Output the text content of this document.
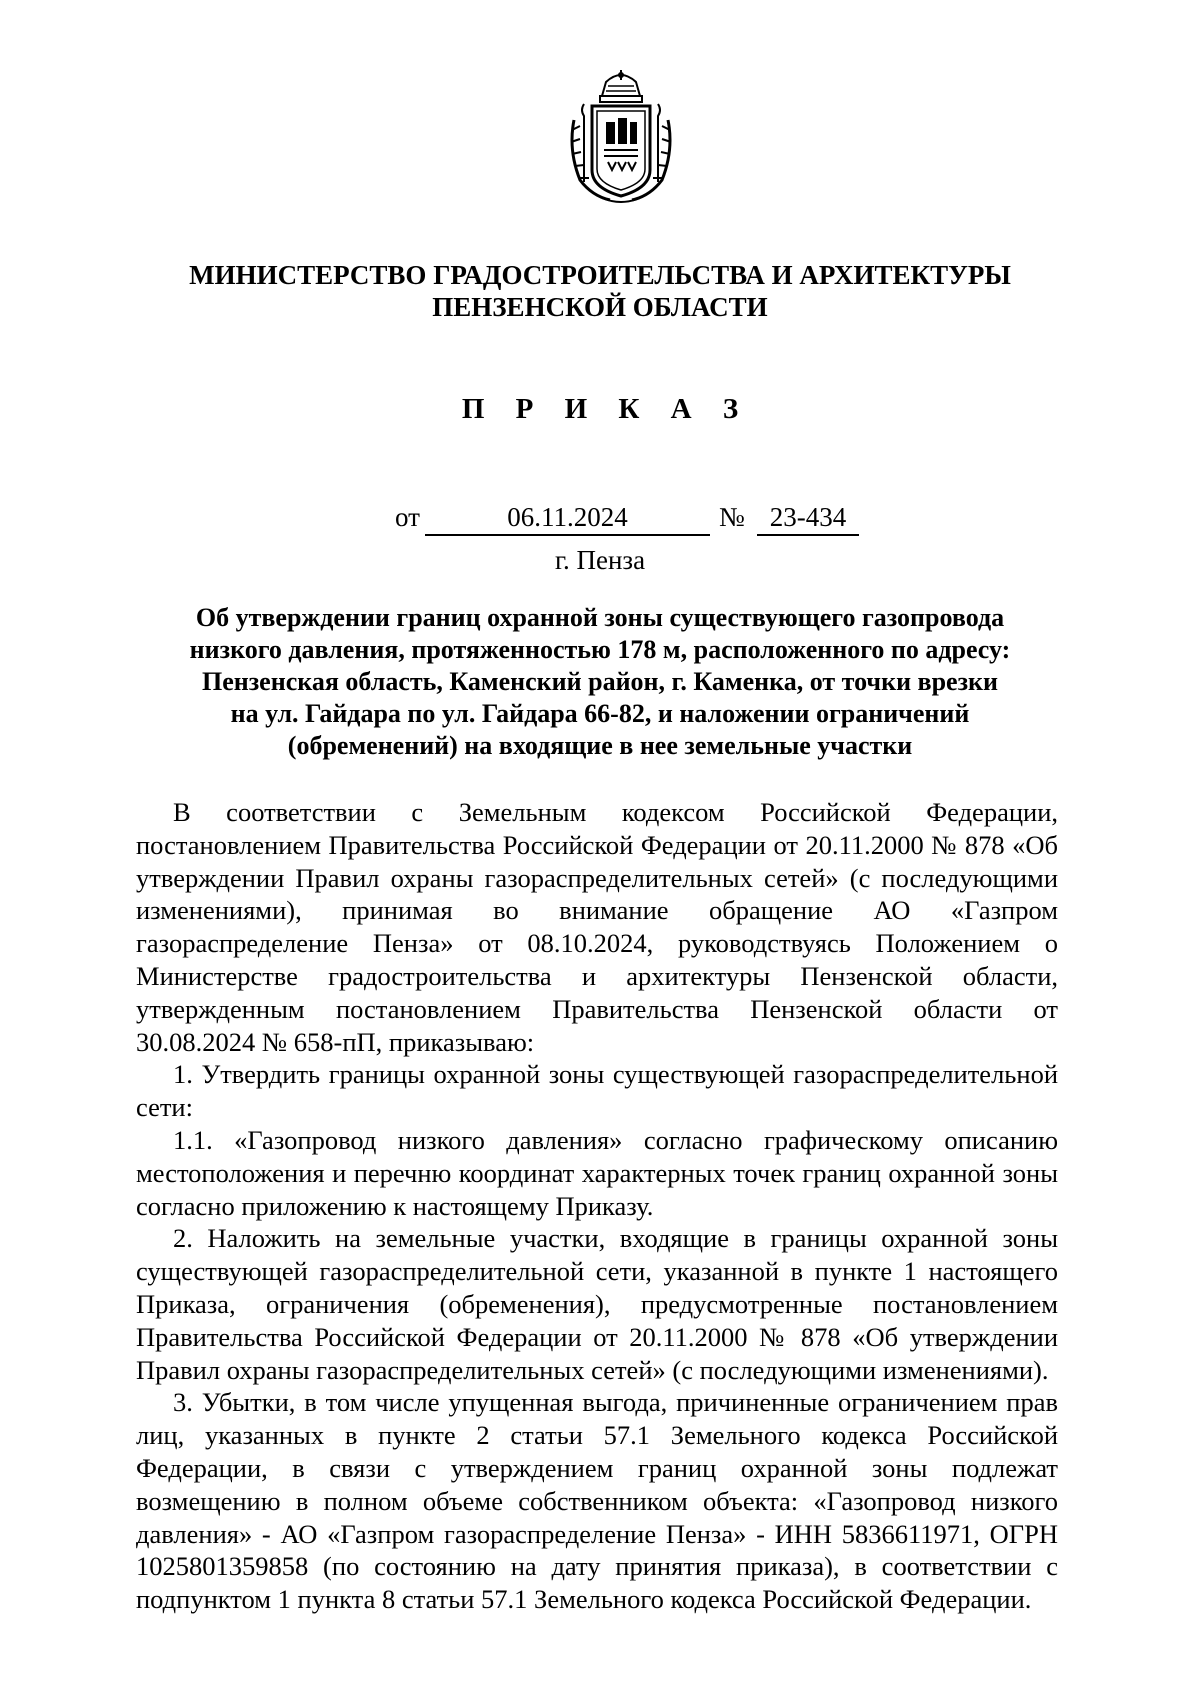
МИНИСТЕРСТВО ГРАДОСТРОИТЕЛЬСТВА И АРХИТЕКТУРЫ
ПЕНЗЕНСКОЙ ОБЛАСТИ
П Р И К А З
от	06.11.2024	№ 23-434
г. Пенза
Об утверждении границ охранной зоны существующего газопровода
низкого давления, протяженностью 178 м, расположенного по адресу:
Пензенская область, Каменский район, г. Каменка, от точки врезки
на ул. Гайдара по ул. Гайдара 66-82, и наложении ограничений
(обременений) на входящие в нее земельные участки

В соответствии с Земельным кодексом Российской Федерации, постановлением Правительства Российской Федерации от 20.11.2000 № 878 «Об утверждении Правил охраны газораспределительных сетей» (с последующими изменениями), принимая во внимание обращение АО «Газпром газораспределение Пенза» от 08.10.2024, руководствуясь Положением о Министерстве градостроительства и архитектуры Пензенской области, утвержденным постановлением Правительства Пензенской области от 30.08.2024 № 658-пП, приказываю:

1. Утвердить границы охранной зоны существующей газораспределительной сети:

1.1. «Газопровод низкого давления» согласно графическому описанию местоположения и перечню координат характерных точек границ охранной зоны согласно приложению к настоящему Приказу.

2. Наложить на земельные участки, входящие в границы охранной зоны существующей газораспределительной сети, указанной в пункте 1 настоящего Приказа, ограничения (обременения), предусмотренные постановлением Правительства Российской Федерации от 20.11.2000 № 878 «Об утверждении Правил охраны газораспределительных сетей» (с последующими изменениями).

3. Убытки, в том числе упущенная выгода, причиненные ограничением прав лиц, указанных в пункте 2 статьи 57.1 Земельного кодекса Российской Федерации, в связи с утверждением границ охранной зоны подлежат возмещению в полном объеме собственником объекта: «Газопровод низкого давления» - АО «Газпром газораспределение Пенза» - ИНН 5836611971, ОГРН 1025801359858 (по состоянию на дату принятия приказа), в соответствии с подпунктом 1 пункта 8 статьи 57.1 Земельного кодекса Российской Федерации.
